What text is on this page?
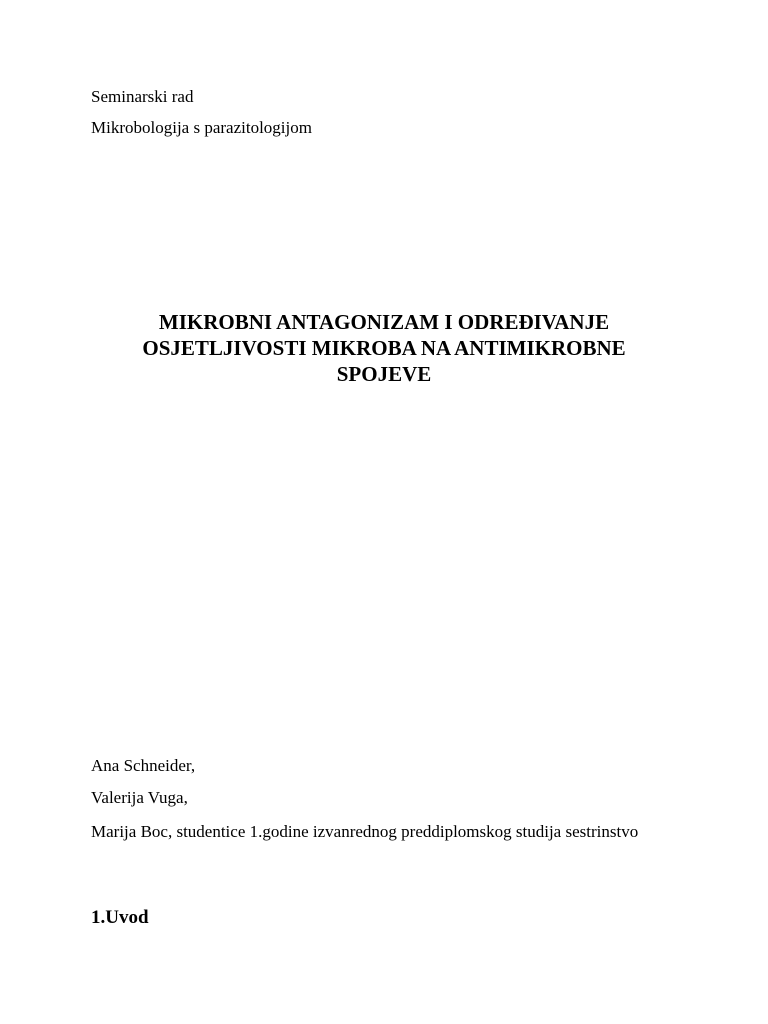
Seminarski rad
Mikrobologija s parazitologijom
MIKROBNI ANTAGONIZAM I ODREĐIVANJE
OSJETLJIVOSTI MIKROBA NA ANTIMIKROBNE
SPOJEVE
Ana Schneider,
Valerija Vuga,
Marija Boc, studentice 1.godine izvanrednog preddiplomskog studija sestrinstvo
1.Uvod
